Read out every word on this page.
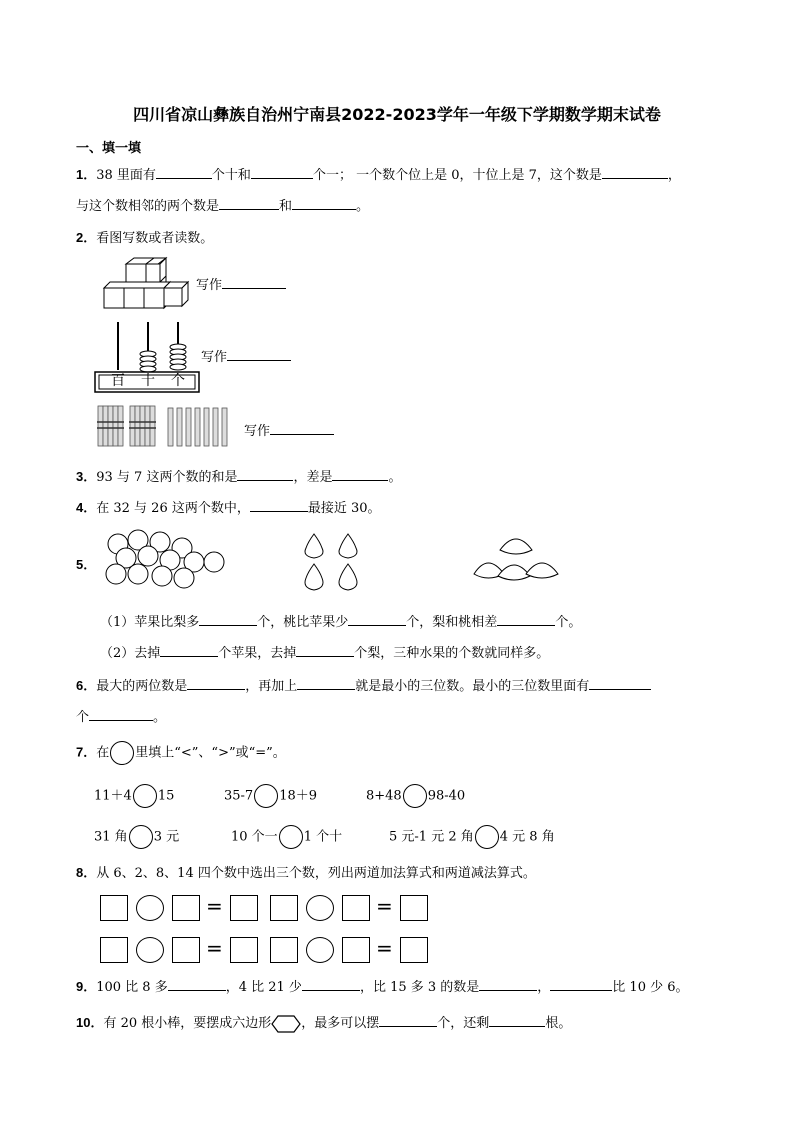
四川省凉山彝族自治州宁南县2022-2023学年一年级下学期数学期末试卷
一、填一填
1．38 里面有	个十和	个一； 一个数个位上是 0，十位上是 7，这个数是	，
与这个数相邻的两个数是	和	。
2．看图写数或者读数。
写作
百 十 个
写作
写作
3．93 与 7 这两个数的和是	，差是	。
4．在 32 与 26 这两个数中，	最接近 30。
5．
（1）苹果比梨多	个，桃比苹果少	个，梨和桃相差	个。
（2）去掉	个苹果，去掉	个梨，三种水果的个数就同样多。
6．最大的两位数是	，再加上	就是最小的三位数。最小的三位数里面有
个	。
7．在 里填上“<”、“>”或“=”。
11＋4 15	35-7 18＋9	8+48 98-40
31 角 3 元	10 个一 1 个十	5 元-1 元 2 角 4 元 8 角
8．从 6、2、8、14 四个数中选出三个数，列出两道加法算式和两道减法算式。
=	=
=	=
9．100 比 8 多	，4 比 21 少	，比 15 多 3 的数是	，	比 10 少 6。
10．有 20 根小棒，要摆成六边形 ，最多可以摆	个，还剩	根。
